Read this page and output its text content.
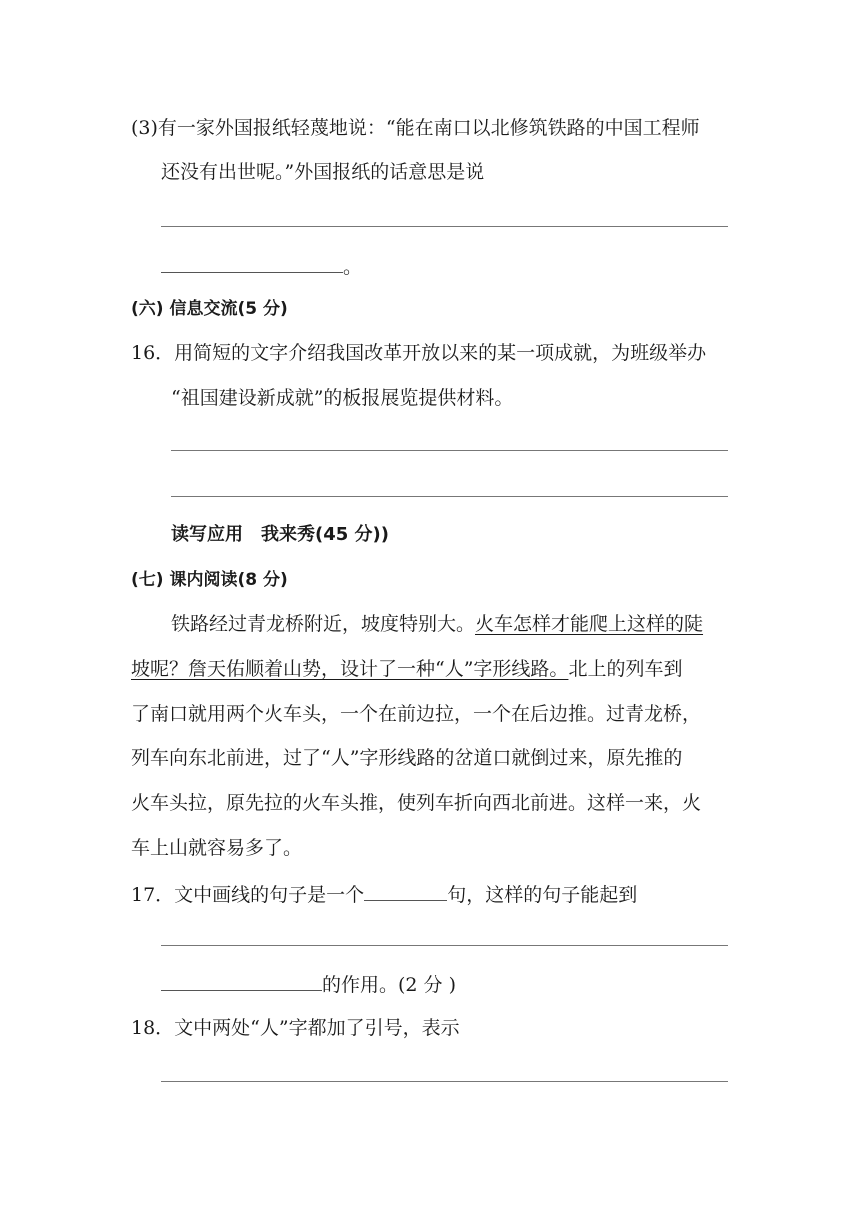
(3)有一家外国报纸轻蔑地说：“能在南口以北修筑铁路的中国工程师
还没有出世呢。”外国报纸的话意思是说
。
(六) 信息交流(5 分)
16．用简短的文字介绍我国改革开放以来的某一项成就，为班级举办
“祖国建设新成就”的板报展览提供材料。
读写应用　我来秀(45 分))
(七) 课内阅读(8 分)
铁路经过青龙桥附近，坡度特别大。火车怎样才能爬上这样的陡
坡呢？詹天佑顺着山势，设计了一种“人”字形线路。北上的列车到
了南口就用两个火车头，一个在前边拉，一个在后边推。过青龙桥，
列车向东北前进，过了“人”字形线路的岔道口就倒过来，原先推的
火车头拉，原先拉的火车头推，使列车折向西北前进。这样一来，火
车上山就容易多了。
17．文中画线的句子是一个	句，这样的句子能起到
的作用。(2 分 )
18．文中两处“人”字都加了引号，表示
